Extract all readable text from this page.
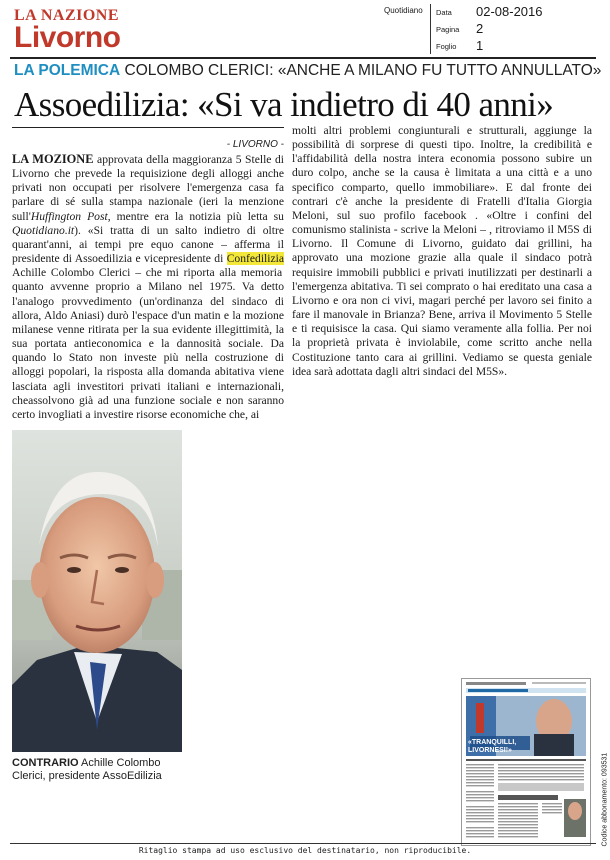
LA NAZIONE
Livorno
Quotidiano Data 02-08-2016
Pagina 2
Foglio 1
LA POLEMICA COLOMBO CLERICI: «ANCHE A MILANO FU TUTTO ANNULLATO»
Assoedilizia: «Si va indietro di 40 anni»
- LIVORNO -

LA MOZIONE approvata della maggioranza 5 Stelle di Livorno che prevede la requisizione degli alloggi anche privati non occupati per risolvere l'emergenza casa fa parlare di sé sulla stampa nazionale (ieri la menzione sull'Huffington Post, mentre era la notizia più letta su Quotidiano.it). «Si tratta di un salto indietro di oltre quarant'anni, ai tempi pre equo canone – afferma il presidente di Assoedilizia e vicepresidente di Confedilizia Achille Colombo Clerici – che mi riporta alla memoria quanto avvenne proprio a Milano nel 1975. Va detto l'analogo provvedimento (un'ordinanza del sindaco di allora, Aldo Aniasi) durò l'espace d'un matin e la mozione milanese venne ritirata per la sua evidente illegittimità, la sua portata antieconomica e la dannosità sociale. Da quando lo Stato non investe più nella costruzione di alloggi popolari, la risposta alla domanda abitativa viene lasciata agli investitori privati italiani e internazionali, cheassolvono già ad una funzione sociale e non saranno certo invogliati a investire risorse economiche che, ai

CONTRARIO Achille Colombo Clerici, presidente AssoEdilizia

molti altri problemi congiunturali e strutturali, aggiunge la possibilità di sorprese di questi tipo. Inoltre, la credibilità e l'affidabilità della nostra intera economia possono subire un duro colpo, anche se la causa è limitata a una città e a uno specifico comparto, quello immobiliare». E dal fronte dei contrari c'è anche la presidente di Fratelli d'Italia Giorgia Meloni, sul suo profilo facebook . «Oltre i confini del comunismo stalinista - scrive la Meloni – , ritroviamo il M5S di Livorno. Il Comune di Livorno, guidato dai grillini, ha approvato una mozione grazie alla quale il sindaco potrà requisire immobili pubblici e privati inutilizzati per destinarli a l'emergenza abitativa. Ti sei comprato o hai ereditato una casa a Livorno e ora non ci vivi, magari perché per lavoro sei finito a fare il manovale in Brianza? Bene, arriva il Movimento 5 Stelle e ti requisisce la casa. Qui siamo veramente alla follia. Per noi la proprietà privata è inviolabile, come scritto anche nella Costituzione tanto cara ai grillini. Vediamo se questa geniale idea sarà adottata dagli altri sindaci del M5S».

«TRANQUILLI, LIVORNESI!»
Codice abbonamento: 093531
Ritaglio stampa ad uso esclusivo del destinatario, non riproducibile.
